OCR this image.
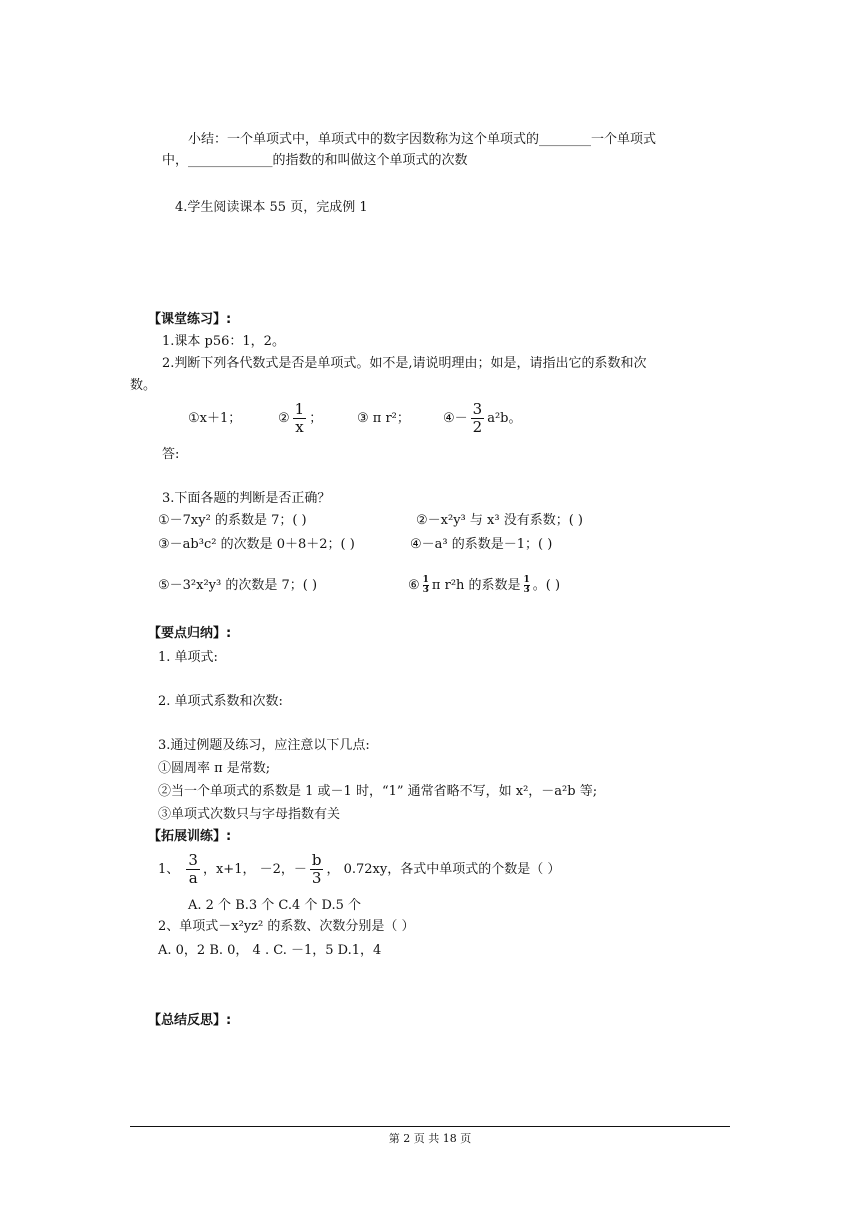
小结：一个单项式中，单项式中的数字因数称为这个单项式的________一个单项式
中，_____________的指数的和叫做这个单项式的次数
4.学生阅读课本 55 页，完成例 1
【课堂练习】:
1.课本 p56：1，2。
2.判断下列各代数式是否是单项式。如不是,请说明理由；如是，请指出它的系数和次
数。
①x＋1；	② $\frac{1}{x}$ ；	③ π r²；	④－ $\frac{3}{2} a^2b$。
答:
3.下面各题的判断是否正确？
①－7xy² 的系数是 7；( )	②－x²y³ 与 x³ 没有系数；( )
③－ab³c² 的次数是 0＋8＋2；( )	④－a³ 的系数是－1；( )
⑤－3²x²y³ 的次数是 7；( )	⑥ $\frac{1}{3}$ π r²h 的系数是 $\frac{1}{3}$ 。( )
【要点归纳】:
1. 单项式:
2. 单项式系数和次数:
3.通过例题及练习，应注意以下几点:
①圆周率 π 是常数;
②当一个单项式的系数是 1 或－1 时，“1” 通常省略不写，如 x²，－a²b 等;
③单项式次数只与字母指数有关
【拓展训练】:
1、 $\frac{3}{a}$ ，x+1， －2，－ $\frac{b}{3}$ ， 0.72xy，各式中单项式的个数是（ ）
A. 2 个 B.3 个 C.4 个 D.5 个
2、单项式－x²yz² 的系数、次数分别是（ ）
A. 0，2 B. 0， 4 . C. －1，5 D.1，4
【总结反思】:
第 2 页 共 18 页
